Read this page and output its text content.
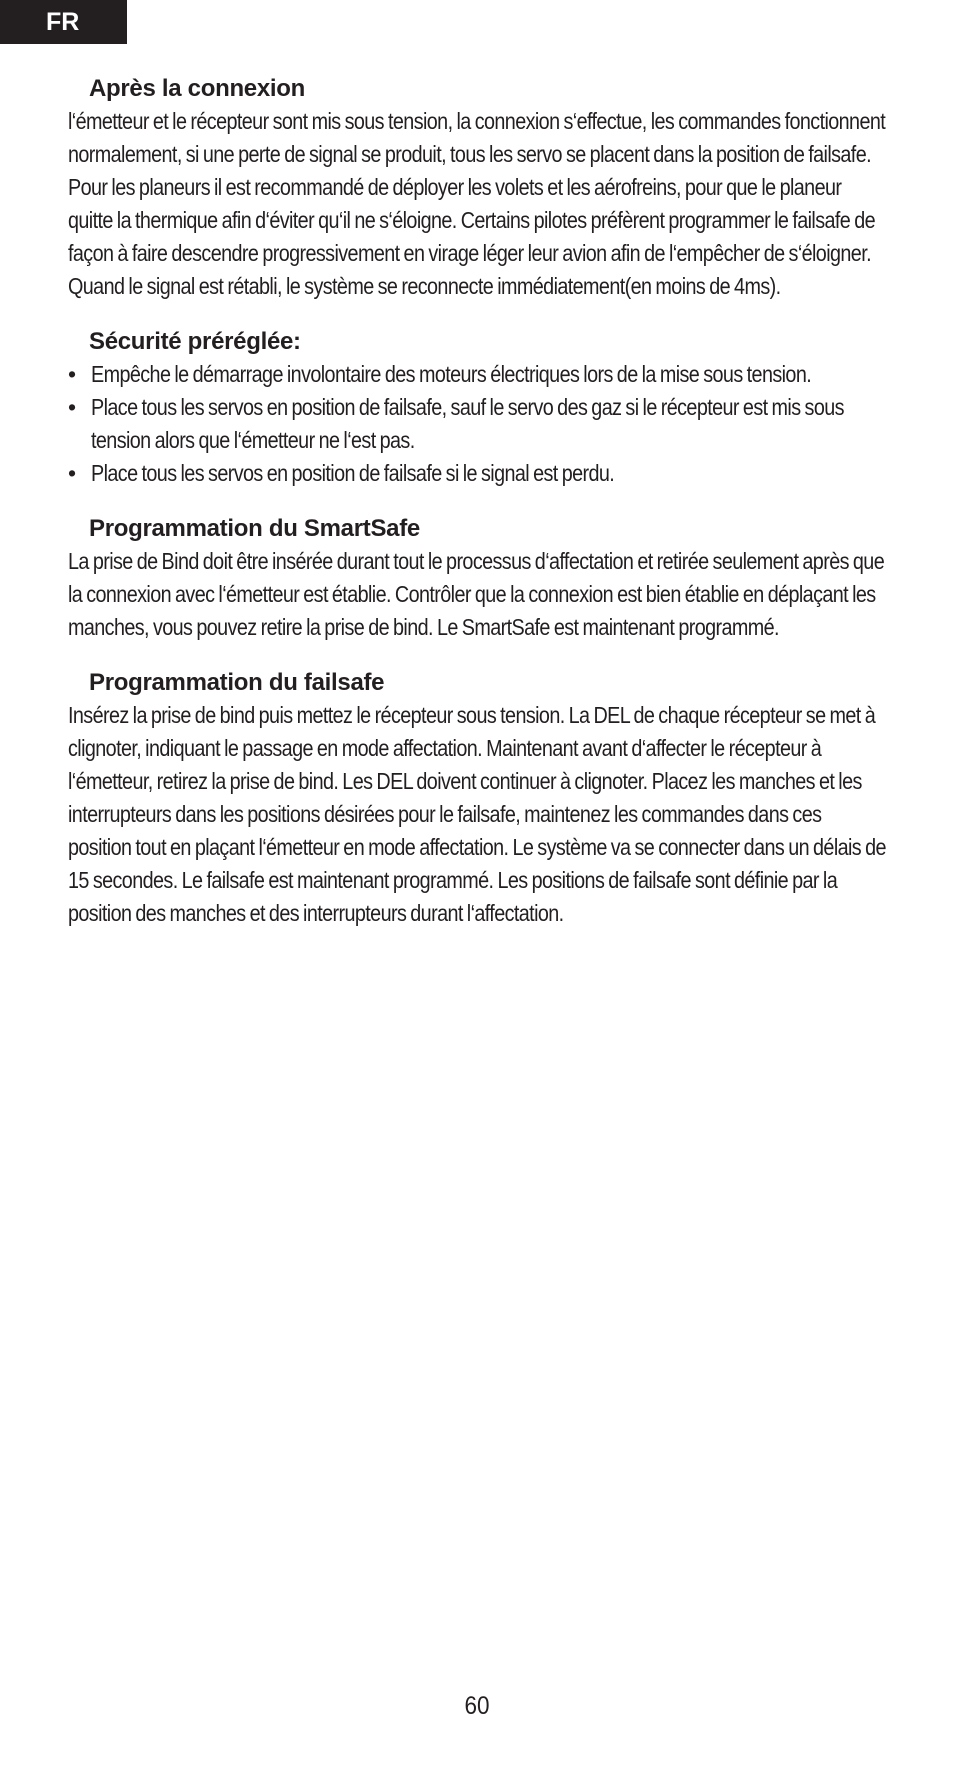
FR
Après la connexion

l‘émetteur et le récepteur sont mis sous tension, la connexion s‘effectue, les commandes fonctionnent normalement, si une perte de signal se produit, tous les servo se placent dans la position de failsafe. Pour les planeurs il est recommandé de déployer les volets et les aérofreins, pour que le planeur quitte la thermique afin d‘éviter qu‘il ne s‘éloigne. Certains pilotes préfèrent programmer le failsafe de façon à faire descendre progressivement en virage léger leur avion afin de l‘empêcher de s‘éloigner. Quand le signal est rétabli, le système se reconnecte immédiatement(en moins de 4ms).

Sécurité préréglée:
• Empêche le démarrage involontaire des moteurs électriques lors de la mise sous tension.
• Place tous les servos en position de failsafe, sauf le servo des gaz si le récepteur est mis sous tension alors que l‘émetteur ne l‘est pas.
• Place tous les servos en position de failsafe si le signal est perdu.
Programmation du SmartSafe

La prise de Bind doit être insérée durant tout le processus d‘affectation et retirée seulement après que la connexion avec l‘émetteur est établie. Contrôler que la connexion est bien établie en déplaçant les manches, vous pouvez retire la prise de bind. Le SmartSafe est maintenant programmé.

Programmation du failsafe

Insérez la prise de bind puis mettez le récepteur sous tension. La DEL de chaque récepteur se met à clignoter, indiquant le passage en mode affectation. Maintenant avant d‘affecter le récepteur à l‘émetteur, retirez la prise de bind. Les DEL doivent continuer à clignoter. Placez les manches et les interrupteurs dans les positions désirées pour le failsafe, maintenez les commandes dans ces position tout en plaçant l‘émetteur en mode affectation. Le système va se connecter dans un délais de 15 secondes. Le failsafe est maintenant programmé. Les positions de failsafe sont définie par la position des manches et des interrupteurs durant l‘affectation.

60
